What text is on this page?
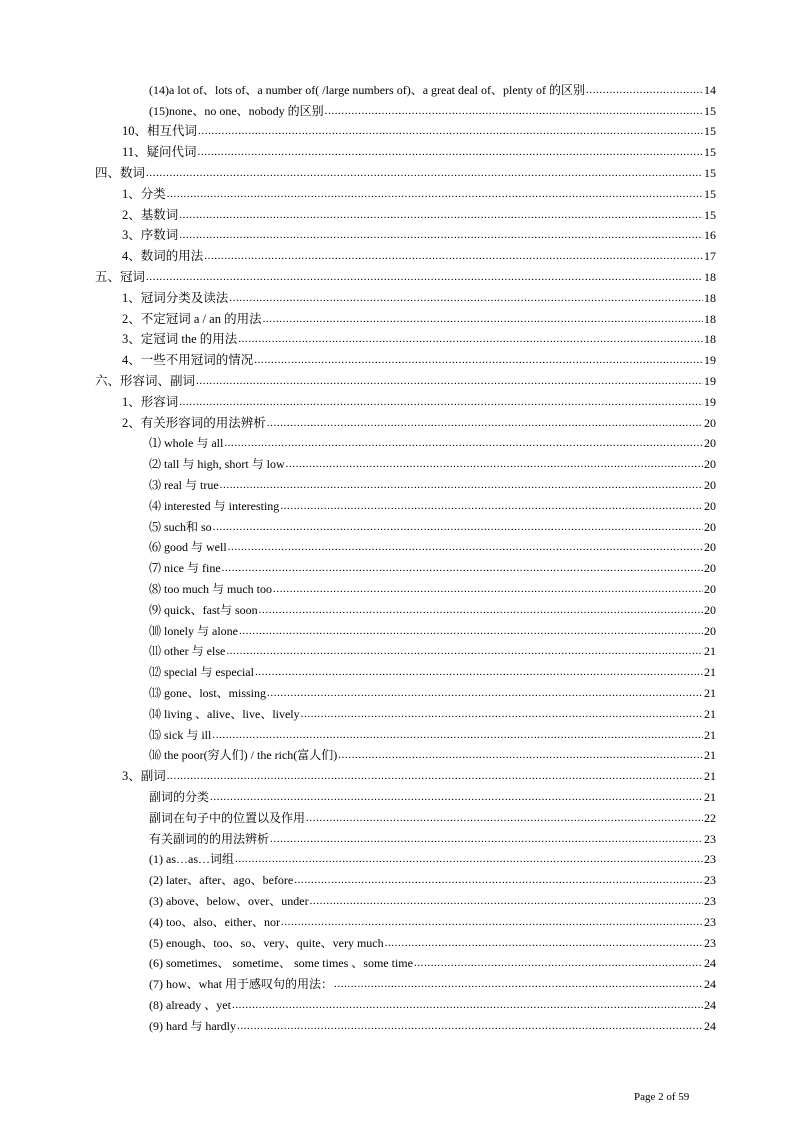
(14)a lot of、lots of、a number of( /large numbers of)、a great deal of、plenty of 的区别 .....	14
(15)none、no one、nobody 的区别 .....	15
10、相互代词 .....	15
11、疑问代词 .....	15
四、数词 .....	15
1、分类 .....	15
2、基数词 .....	15
3、序数词 .....	16
4、数词的用法 .....	17
五、冠词 .....	18
1、冠词分类及读法 .....	18
2、不定冠词 a / an 的用法 .....	18
3、定冠词 the 的用法 .....	18
4、一些不用冠词的情况 .....	19
六、形容词、副词 .....	19
1、形容词 .....	19
2、有关形容词的用法辨析 .....	20
⑴ whole 与 all .....	20
⑵ tall 与 high, short 与 low .....	20
⑶ real 与 true .....	20
⑷ interested 与 interesting .....	20
⑸ such和 so .....	20
⑹ good 与 well .....	20
⑺ nice 与 fine .....	20
⑻ too much 与 much too .....	20
⑼ quick、fast与 soon .....	20
⑽ lonely 与 alone .....	20
⑾ other 与 else .....	21
⑿ special 与 especial .....	21
⒀ gone、lost、missing .....	21
⒁ living 、alive、live、lively .....	21
⒂ sick 与 ill .....	21
⒃ the poor(穷人们) / the rich(富人们) .....	21
3、副词 .....	21
副词的分类 .....	21
副词在句子中的位置以及作用 .....	22
有关副词的的用法辨析 .....	23
(1) as…as…词组 .....	23
(2) later、after、ago、before .....	23
(3) above、below、over、under .....	23
(4) too、also、either、nor .....	23
(5) enough、too、so、very、quite、very much .....	23
(6) sometimes、 sometime、 some times 、some time .....	24
(7) how、what 用于感叹句的用法： .....	24
(8) already 、yet .....	24
(9) hard 与 hardly .....	24
Page 2 of 59
